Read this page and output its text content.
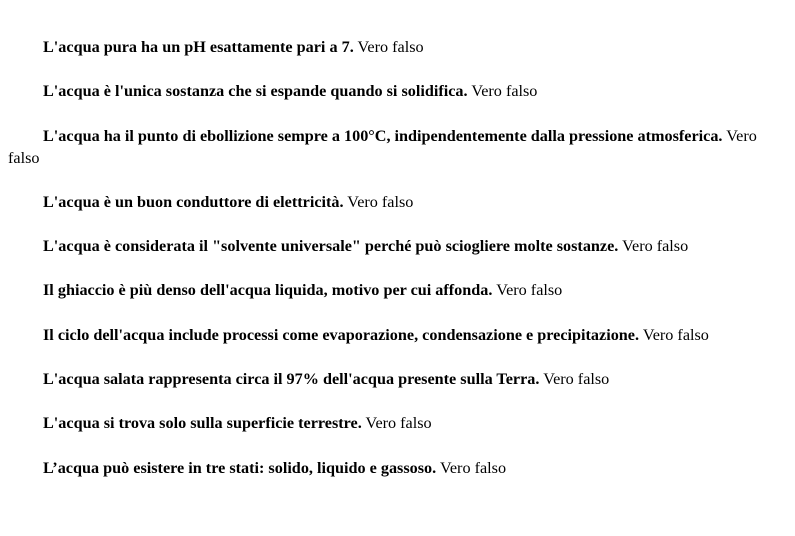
L'acqua pura ha un pH esattamente pari a 7. Vero falso

L'acqua è l'unica sostanza che si espande quando si solidifica. Vero falso

L'acqua ha il punto di ebollizione sempre a 100°C, indipendentemente dalla pressione atmosferica. Vero falso

L'acqua è un buon conduttore di elettricità. Vero falso

L'acqua è considerata il "solvente universale" perché può sciogliere molte sostanze. Vero falso

Il ghiaccio è più denso dell'acqua liquida, motivo per cui affonda. Vero falso

Il ciclo dell'acqua include processi come evaporazione, condensazione e precipitazione. Vero falso

L'acqua salata rappresenta circa il 97% dell'acqua presente sulla Terra. Vero falso

L'acqua si trova solo sulla superficie terrestre. Vero falso

L’acqua può esistere in tre stati: solido, liquido e gassoso. Vero falso
